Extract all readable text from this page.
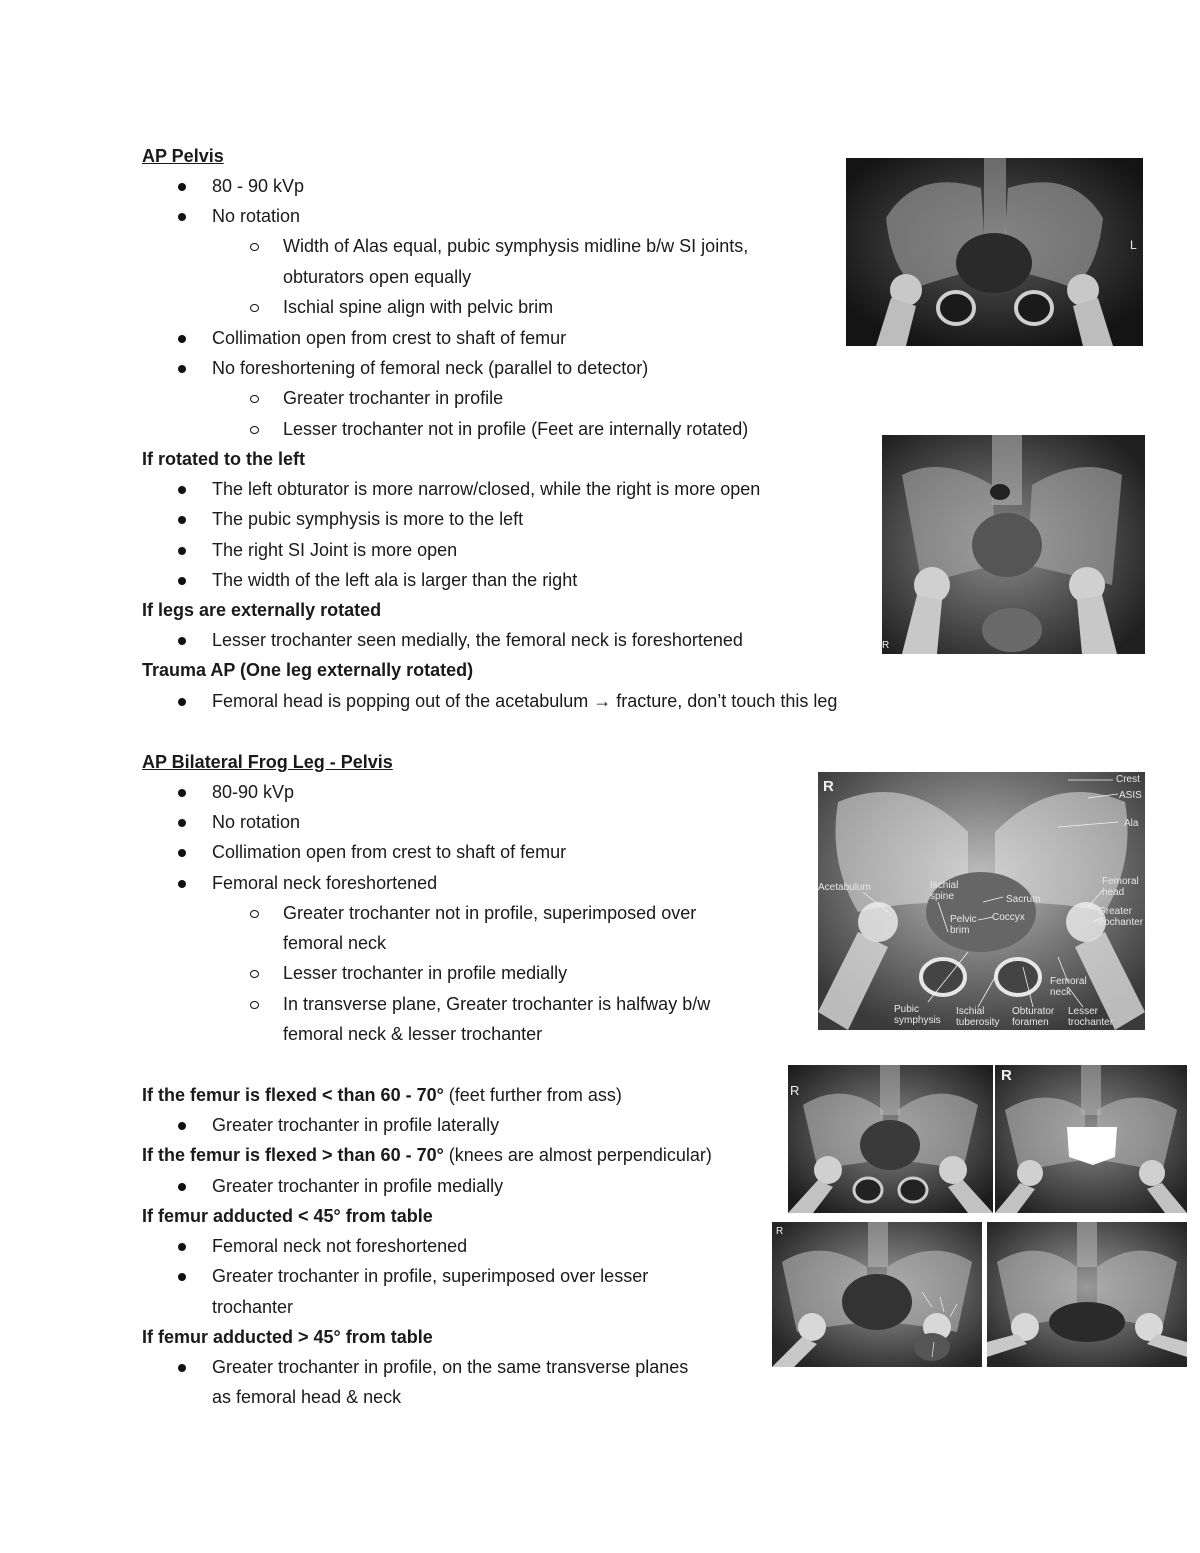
AP Pelvis
80 - 90 kVp
No rotation
Width of Alas equal, pubic symphysis midline b/w SI joints,
obturators open equally
Ischial spine align with pelvic brim
Collimation open from crest to shaft of femur
No foreshortening of femoral neck (parallel to detector)
Greater trochanter in profile
Lesser trochanter not in profile (Feet are internally rotated)
If rotated to the left
The left obturator is more narrow/closed, while the right is more open
The pubic symphysis is more to the left
The right SI Joint is more open
The width of the left ala is larger than the right
If legs are externally rotated
Lesser trochanter seen medially, the femoral neck is foreshortened
Trauma AP (One leg externally rotated)
Femoral head is popping out of the acetabulum → fracture, don’t touch this leg
AP Bilateral Frog Leg - Pelvis
80-90 kVp
No rotation
Collimation open from crest to shaft of femur
Femoral neck foreshortened
Greater trochanter not in profile, superimposed over
femoral neck
Lesser trochanter in profile medially
In transverse plane, Greater trochanter is halfway b/w
femoral neck & lesser trochanter
If the femur is flexed < than 60 - 70° (feet further from ass)
Greater trochanter in profile laterally
If the femur is flexed > than 60 - 70° (knees are almost perpendicular)
Greater trochanter in profile medially
If femur adducted < 45° from table
Femoral neck not foreshortened
Greater trochanter in profile, superimposed over lesser
trochanter
If femur adducted > 45° from table
Greater trochanter in profile, on the same transverse planes
as femoral head & neck
L
R
R	Crest
ASIS
Ala
Acetabulum	Ischial
spine	Sacrum
Coccyx
Pelvic
brim
Femoral
head
Greater
trochanter
Femoral
neck
Pubic
symphysis
Ischial
tuberosity
Obturator
foramen
Lesser
trochanter
R
R
R
